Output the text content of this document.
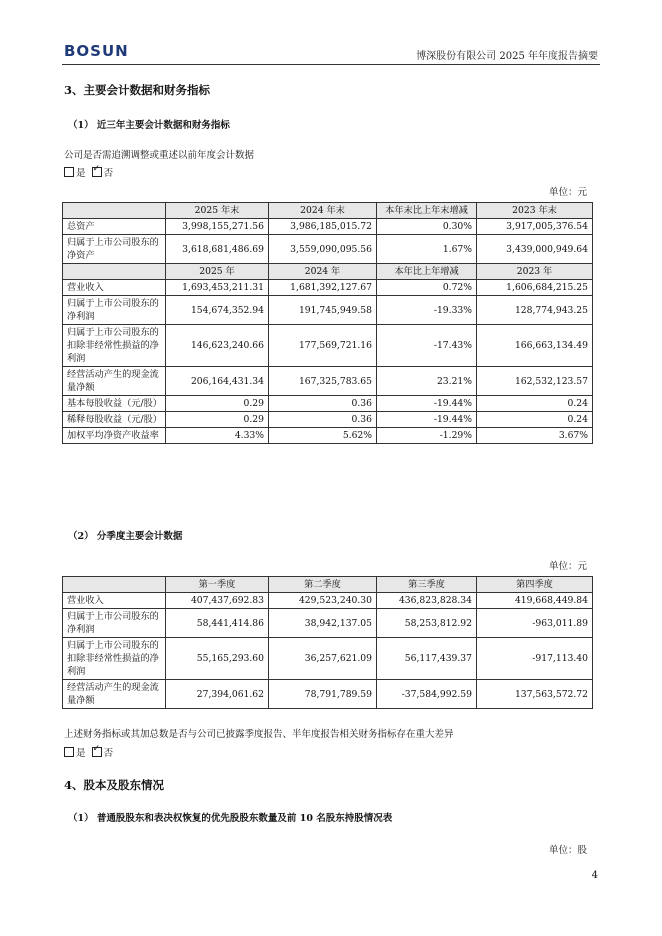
BOSUN	博深股份有限公司 2025 年年度报告摘要
3、主要会计数据和财务指标
（1） 近三年主要会计数据和财务指标
公司是否需追溯调整或重述以前年度会计数据
是 ✓ 否
单位：元
	2025 年末	2024 年末	本年末比上年末增减	2023 年末
总资产	3,998,155,271.56	3,986,185,015.72	0.30%	3,917,005,376.54
归属于上市公司股东的净资产	3,618,681,486.69	3,559,090,095.56	1.67%	3,439,000,949.64
	2025 年	2024 年	本年比上年增减	2023 年
营业收入	1,693,453,211.31	1,681,392,127.67	0.72%	1,606,684,215.25
归属于上市公司股东的净利润	154,674,352.94	191,745,949.58	-19.33%	128,774,943.25
归属于上市公司股东的扣除非经常性损益的净利润	146,623,240.66	177,569,721.16	-17.43%	166,663,134.49
经营活动产生的现金流量净额	206,164,431.34	167,325,783.65	23.21%	162,532,123.57
基本每股收益（元/股）	0.29	0.36	-19.44%	0.24
稀释每股收益（元/股）	0.29	0.36	-19.44%	0.24
加权平均净资产收益率	4.33%	5.62%	-1.29%	3.67%
（2） 分季度主要会计数据
单位：元
	第一季度	第二季度	第三季度	第四季度
营业收入	407,437,692.83	429,523,240.30	436,823,828.34	419,668,449.84
归属于上市公司股东的净利润	58,441,414.86	38,942,137.05	58,253,812.92	-963,011.89
归属于上市公司股东的扣除非经常性损益的净利润	55,165,293.60	36,257,621.09	56,117,439.37	-917,113.40
经营活动产生的现金流量净额	27,394,061.62	78,791,789.59	-37,584,992.59	137,563,572.72
上述财务指标或其加总数是否与公司已披露季度报告、半年度报告相关财务指标存在重大差异
是 ✓ 否
4、股本及股东情况
（1） 普通股股东和表决权恢复的优先股股东数量及前 10 名股东持股情况表
单位：股
4
